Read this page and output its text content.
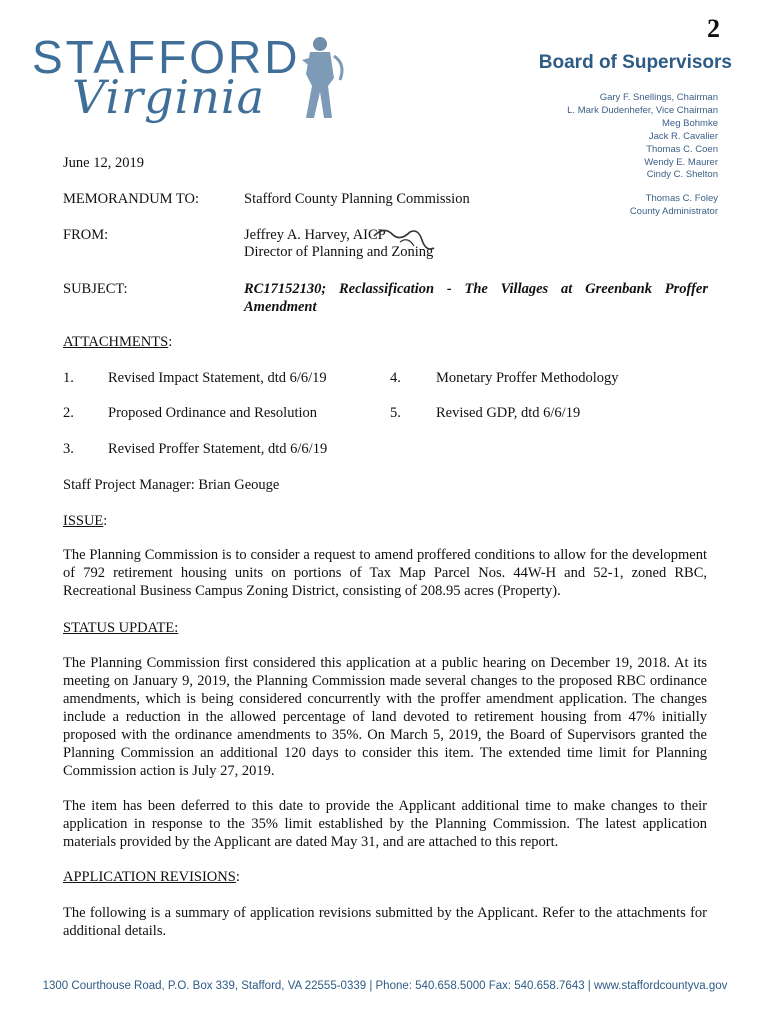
2
STAFFORD
Virginia
Board of Supervisors
Gary F. Snellings, Chairman
L. Mark Dudenhefer, Vice Chairman
Meg Bohmke
Jack R. Cavalier
Thomas C. Coen
Wendy E. Maurer
Cindy C. Shelton
Thomas C. Foley
County Administrator
June 12, 2019
MEMORANDUM TO:	Stafford County Planning Commission
FROM:	Jeffrey A. Harvey, AICP
Director of Planning and Zoning
SUBJECT:	RC17152130; Reclassification - The Villages at Greenbank Proffer
Amendment
ATTACHMENTS:
1. Revised Impact Statement, dtd 6/6/19	4. Monetary Proffer Methodology
2. Proposed Ordinance and Resolution	5. Revised GDP, dtd 6/6/19
3. Revised Proffer Statement, dtd 6/6/19
Staff Project Manager: Brian Geouge
ISSUE:
The Planning Commission is to consider a request to amend proffered conditions to allow for the development of 792 retirement housing units on portions of Tax Map Parcel Nos. 44W-H and 52-1, zoned RBC, Recreational Business Campus Zoning District, consisting of 208.95 acres (Property).
STATUS UPDATE:
The Planning Commission first considered this application at a public hearing on December 19, 2018. At its meeting on January 9, 2019, the Planning Commission made several changes to the proposed RBC ordinance amendments, which is being considered concurrently with the proffer amendment application. The changes include a reduction in the allowed percentage of land devoted to retirement housing from 47% initially proposed with the ordinance amendments to 35%. On March 5, 2019, the Board of Supervisors granted the Planning Commission an additional 120 days to consider this item. The extended time limit for Planning Commission action is July 27, 2019.
The item has been deferred to this date to provide the Applicant additional time to make changes to their application in response to the 35% limit established by the Planning Commission. The latest application materials provided by the Applicant are dated May 31, and are attached to this report.
APPLICATION REVISIONS:
The following is a summary of application revisions submitted by the Applicant. Refer to the attachments for additional details.
1300 Courthouse Road, P.O. Box 339, Stafford, VA 22555-0339 | Phone: 540.658.5000 Fax: 540.658.7643 | www.staffordcountyva.gov
